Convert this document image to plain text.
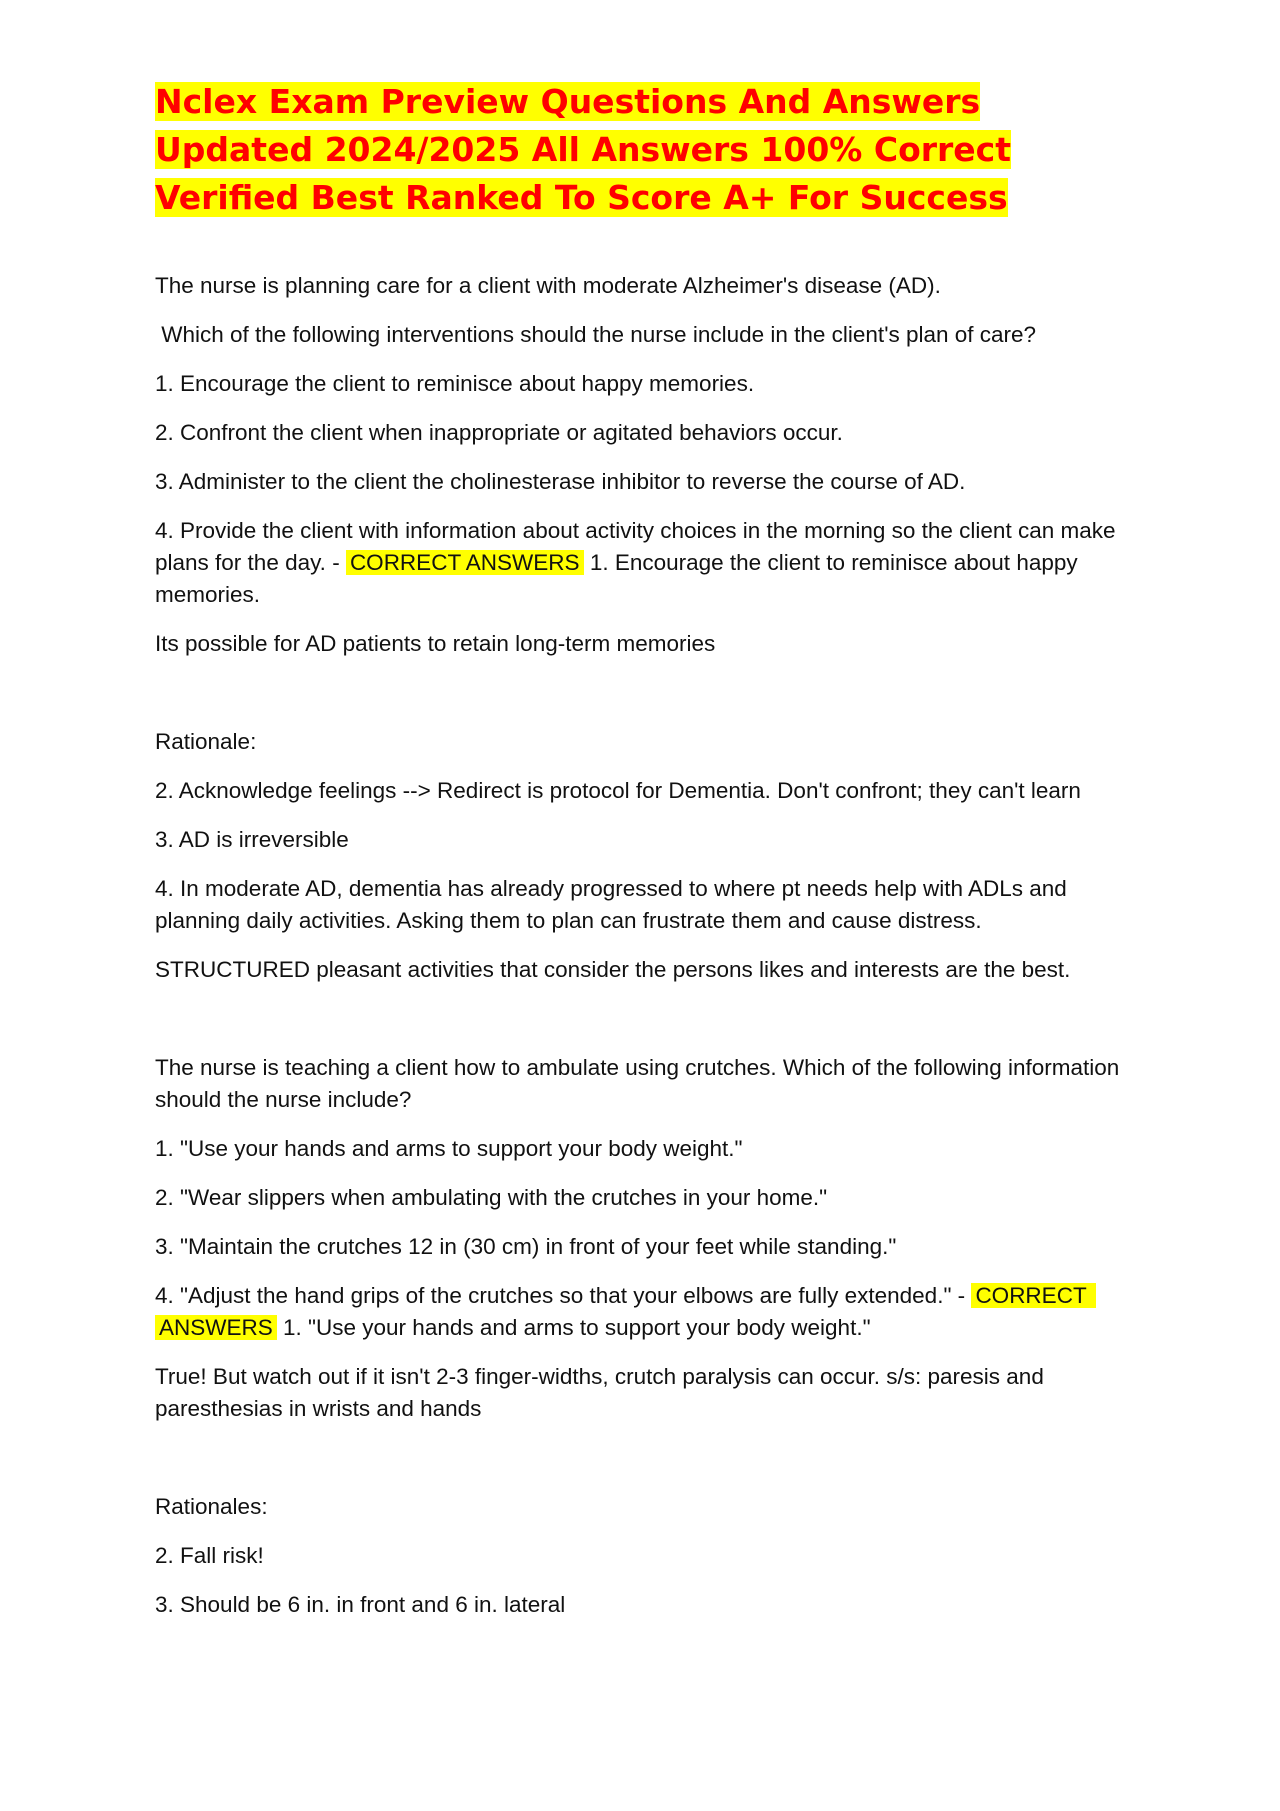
Nclex Exam Preview Questions And Answers Updated 2024/2025 All Answers 100% Correct Verified Best Ranked To Score A+ For Success

The nurse is planning care for a client with moderate Alzheimer's disease (AD).

Which of the following interventions should the nurse include in the client's plan of care?

1. Encourage the client to reminisce about happy memories.

2. Confront the client when inappropriate or agitated behaviors occur.

3. Administer to the client the cholinesterase inhibitor to reverse the course of AD.

4. Provide the client with information about activity choices in the morning so the client can make plans for the day. - CORRECT ANSWERS 1. Encourage the client to reminisce about happy memories.

Its possible for AD patients to retain long-term memories

Rationale:

2. Acknowledge feelings --> Redirect is protocol for Dementia. Don't confront; they can't learn

3. AD is irreversible

4. In moderate AD, dementia has already progressed to where pt needs help with ADLs and planning daily activities. Asking them to plan can frustrate them and cause distress.

STRUCTURED pleasant activities that consider the persons likes and interests are the best.

The nurse is teaching a client how to ambulate using crutches. Which of the following information should the nurse include?

1. "Use your hands and arms to support your body weight."

2. "Wear slippers when ambulating with the crutches in your home."

3. "Maintain the crutches 12 in (30 cm) in front of your feet while standing."

4. "Adjust the hand grips of the crutches so that your elbows are fully extended." - CORRECT ANSWERS 1. "Use your hands and arms to support your body weight."

True! But watch out if it isn't 2-3 finger-widths, crutch paralysis can occur. s/s: paresis and paresthesias in wrists and hands

Rationales:

2. Fall risk!

3. Should be 6 in. in front and 6 in. lateral
